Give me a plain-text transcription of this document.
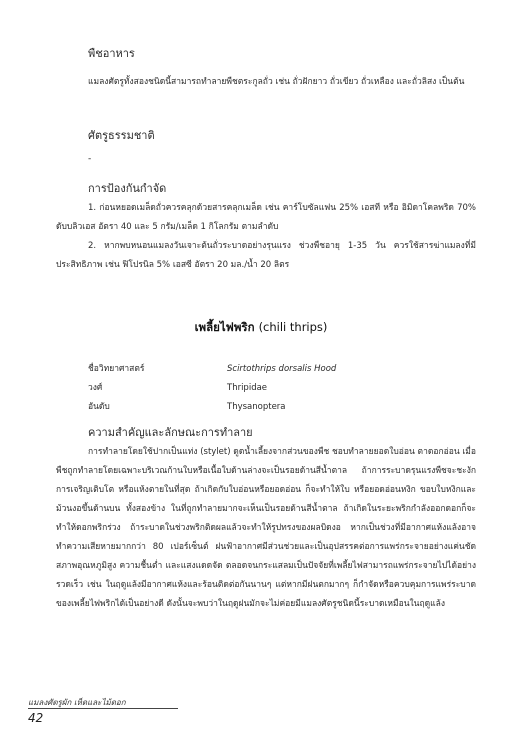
พืชอาหาร
แมลงศัตรูทั้งสองชนิดนี้สามารถทำลายพืชตระกูลถั่ว เช่น ถั่วฝักยาว ถั่วเขียว ถั่วเหลือง และถั่วลิสง เป็นต้น
ศัตรูธรรมชาติ
-
การป้องกันกำจัด
1. ก่อนหยอดเมล็ดถั่วควรคลุกด้วยสารคลุกเมล็ด เช่น คาร์โบซัลแฟน 25% เอสที หรือ อิมิดาโคลพริด 70% ดับบลิวเอส อัตรา 40 และ 5 กรัม/เมล็ด 1 กิโลกรัม ตามลำดับ
2. หากพบหนอนแมลงวันเจาะต้นถั่วระบาดอย่างรุนแรง ช่วงพืชอายุ 1-35 วัน ควรใช้สารฆ่าแมลงที่มีประสิทธิภาพ เช่น ฟิโปรนิล 5% เอสซี อัตรา 20 มล./น้ำ 20 ลิตร
เพลี้ยไฟพริก (chili thrips)
ชื่อวิทยาศาสตร์	Scirtothrips dorsalis Hood
วงศ์	Thripidae
อันดับ	Thysanoptera
ความสำคัญและลักษณะการทำลาย
การทำลายโดยใช้ปากเป็นแท่ง (stylet) ดูดน้ำเลี้ยงจากส่วนของพืช ชอบทำลายยอดใบอ่อน ตาดอกอ่อน เมื่อพืชถูกทำลายโดยเฉพาะบริเวณก้านใบหรือเนื้อใบด้านล่างจะเป็นรอยด้านสีน้ำตาล ถ้าการระบาดรุนแรงพืชจะชะงักการเจริญเติบโต หรือแห้งตายในที่สุด ถ้าเกิดกับใบอ่อนหรือยอดอ่อน ก็จะทำให้ใบ หรือยอดอ่อนหงิก ขอบใบหงิกและม้วนงอขึ้นด้านบน ทั้งสองข้าง ในที่ถูกทำลายมากจะเห็นเป็นรอยด้านสีน้ำตาล ถ้าเกิดในระยะพริกกำลังออกดอกก็จะทำให้ดอกพริกร่วง ถ้าระบาดในช่วงพริกติดผลแล้วจะทำให้รูปทรงของผลบิดงอ หากเป็นช่วงที่มีอากาศแห้งแล้งอาจทำความเสียหายมากกว่า 80 เปอร์เซ็นต์ ฝนฟ้าอากาศมีส่วนช่วยและเป็นอุปสรรคต่อการแพร่กระจายอย่างแค่นชัด สภาพอุณหภูมิสูง ความชื้นต่ำ และแสงแดดจัด ตลอดจนกระแสลมเป็นปัจจัยที่เพลี้ยไฟสามารถแพร่กระจายไปได้อย่างรวดเร็ว เช่น ในฤดูแล้งมีอากาศแห้งและร้อนติดต่อกันนานๆ แต่หากมีฝนตกมากๆ ก็กำจัดหรือควบคุมการแพร่ระบาดของเพลี้ยไฟพริกได้เป็นอย่างดี ดังนั้นจะพบว่าในฤดูฝนมักจะไม่ค่อยมีแมลงศัตรูชนิดนี้ระบาดเหมือนในฤดูแล้ง
แมลงศัตรูผัก เห็ดและไม้ดอก
42
